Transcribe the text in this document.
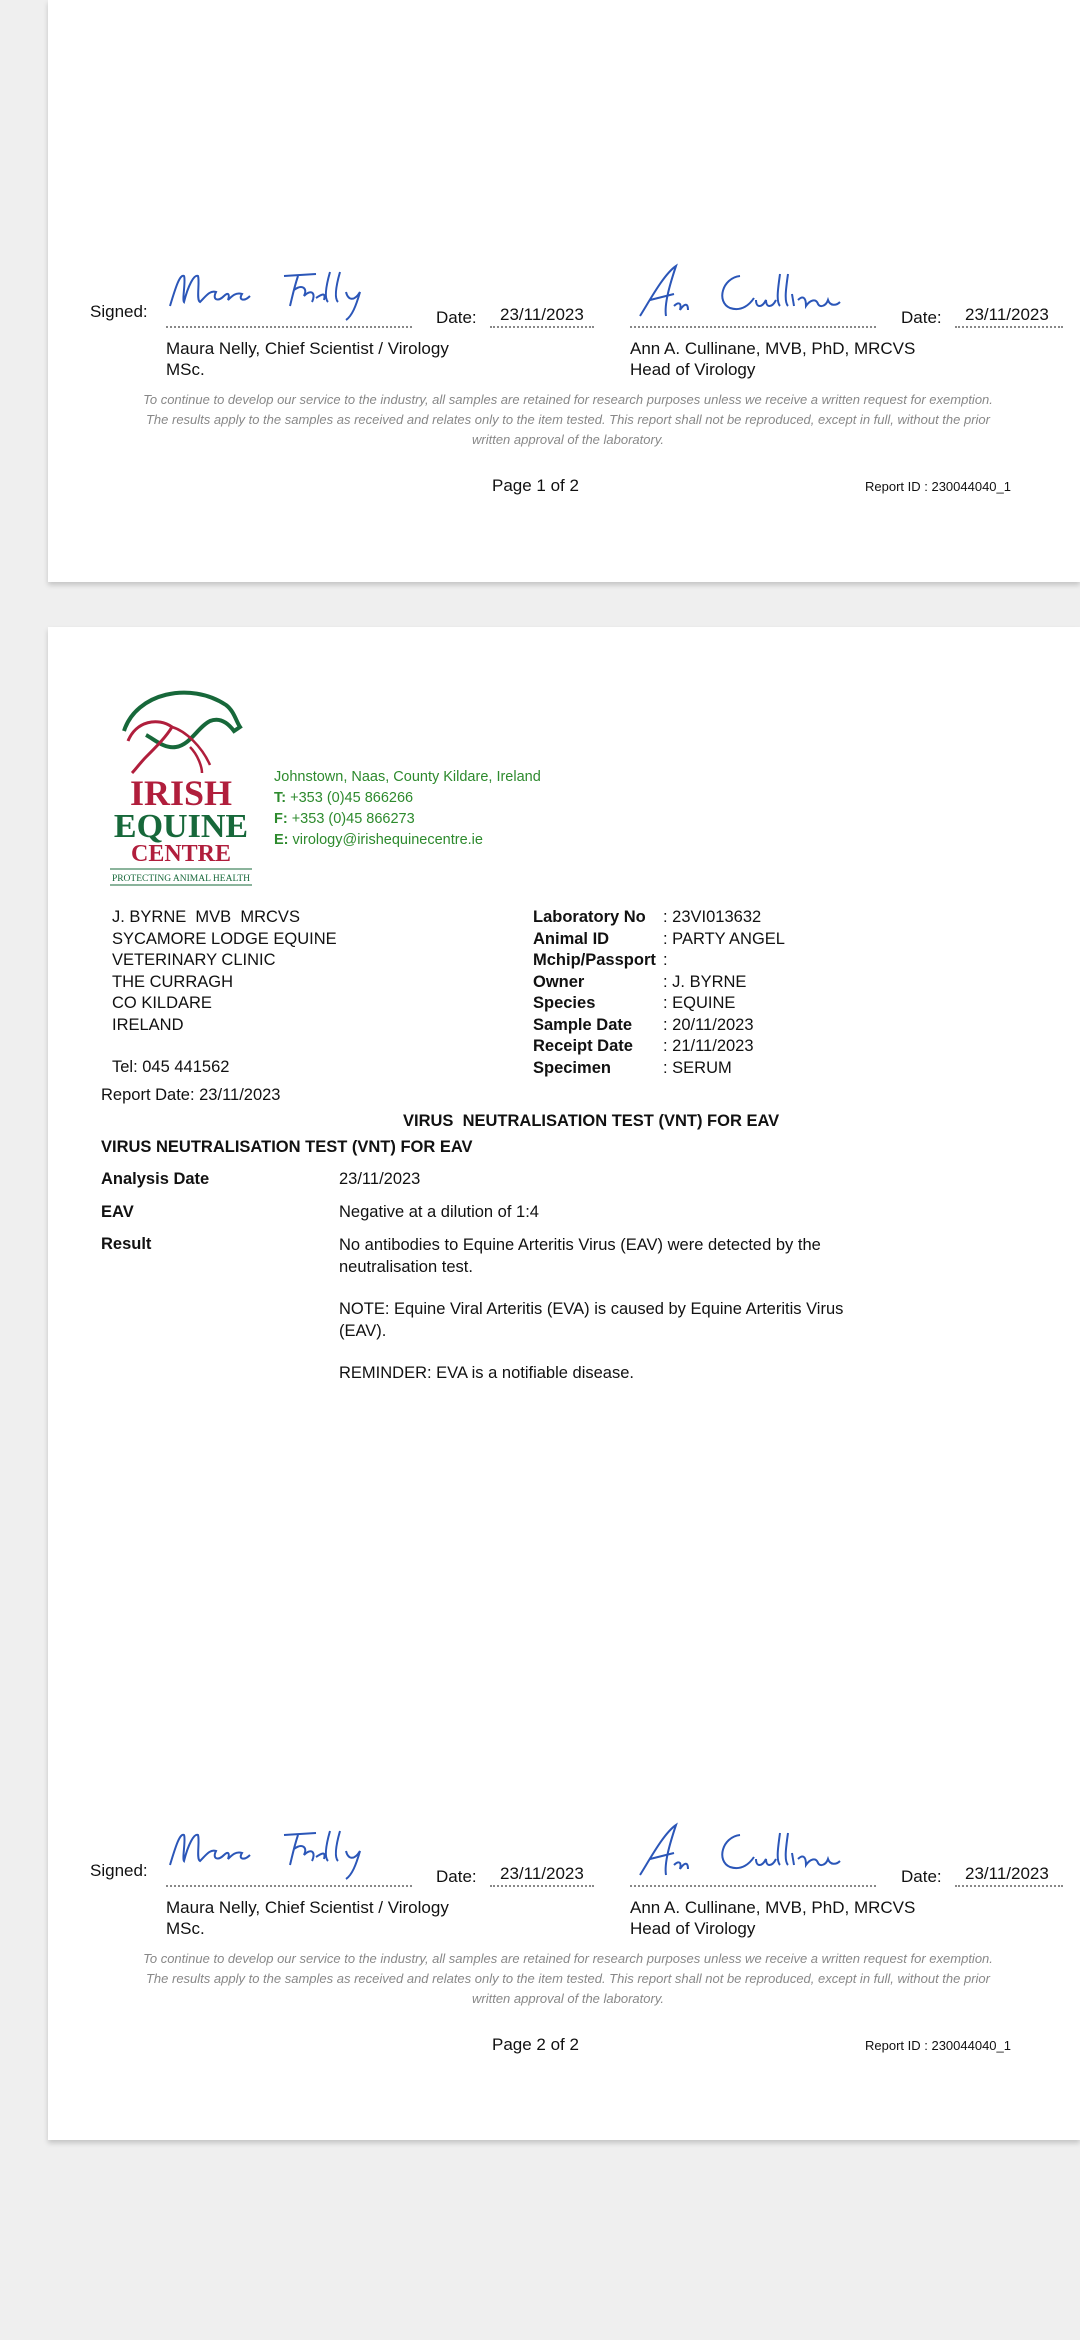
Signed:	Date: 23/11/2023	Date: 23/11/2023
Maura Nelly, Chief Scientist / Virology
MSc.
Ann A. Cullinane, MVB, PhD, MRCVS
Head of Virology
To continue to develop our service to the industry, all samples are retained for research purposes unless we receive a written request for exemption.
The results apply to the samples as received and relates only to the item tested. This report shall not be reproduced, except in full, without the prior
written approval of the laboratory.
Page 1 of 2	Report ID : 230044040_1
IRISH
EQUINE
CENTRE
PROTECTING ANIMAL HEALTH
Johnstown, Naas, County Kildare, Ireland
T: +353 (0)45 866266
F: +353 (0)45 866273
E: virology@irishequinecentre.ie
J. BYRNE  MVB  MRCVS
SYCAMORE LODGE EQUINE
VETERINARY CLINIC
THE CURRAGH
CO KILDARE
IRELAND
Tel: 045 441562
Laboratory No	: 23VI013632
Animal ID	: PARTY ANGEL
Mchip/Passport :
Owner	: J. BYRNE
Species	: EQUINE
Sample Date	: 20/11/2023
Receipt Date	: 21/11/2023
Specimen	: SERUM
Report Date: 23/11/2023
VIRUS  NEUTRALISATION TEST (VNT) FOR EAV
VIRUS NEUTRALISATION TEST (VNT) FOR EAV
Analysis Date	23/11/2023
EAV	Negative at a dilution of 1:4
Result	No antibodies to Equine Arteritis Virus (EAV) were detected by the
neutralisation test.
NOTE: Equine Viral Arteritis (EVA) is caused by Equine Arteritis Virus
(EAV).
REMINDER: EVA is a notifiable disease.
Signed:	Date: 23/11/2023	Date: 23/11/2023
Maura Nelly, Chief Scientist / Virology
MSc.
Ann A. Cullinane, MVB, PhD, MRCVS
Head of Virology
To continue to develop our service to the industry, all samples are retained for research purposes unless we receive a written request for exemption.
The results apply to the samples as received and relates only to the item tested. This report shall not be reproduced, except in full, without the prior
written approval of the laboratory.
Page 2 of 2	Report ID : 230044040_1
